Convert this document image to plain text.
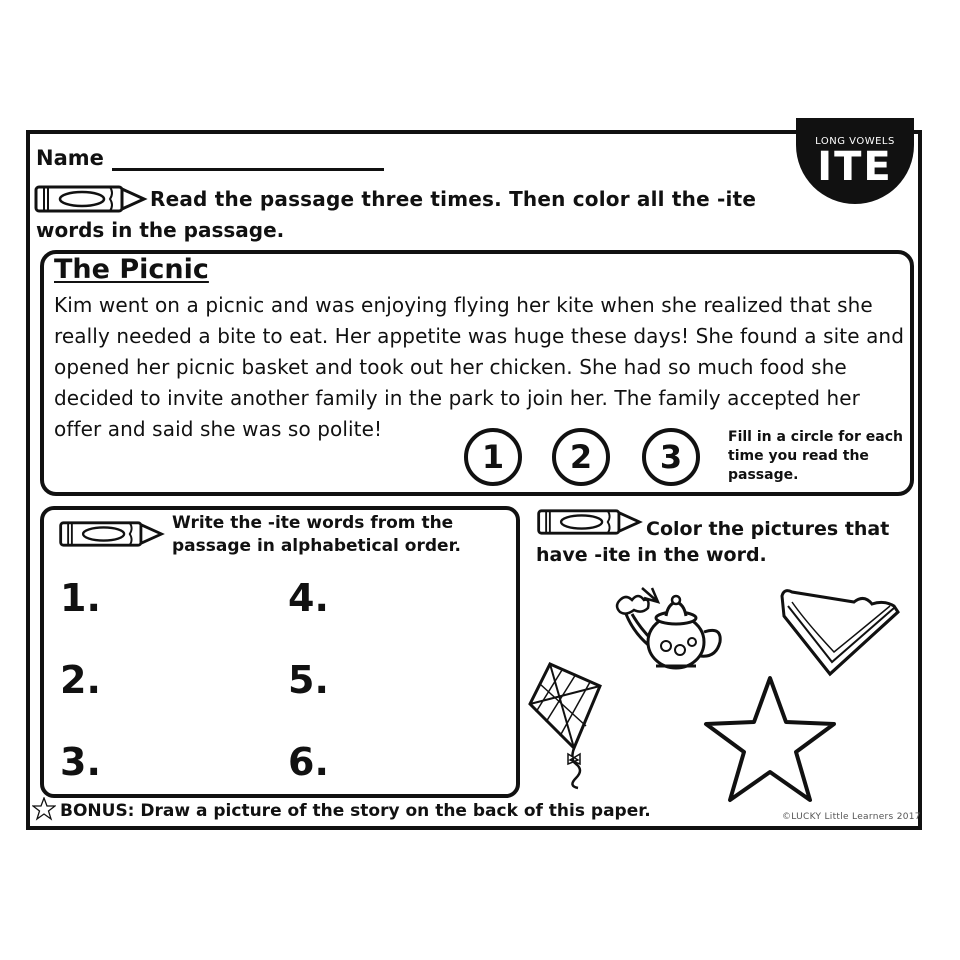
LONG VOWELS
ITE
Name
Read the passage three times. Then color all the -ite
words in the passage.
The Picnic
Kim went on a picnic and was enjoying flying her kite when she realized that she really needed a bite to eat. Her appetite was huge these days! She found a site and opened her picnic basket and took out her chicken. She had so much food she decided to invite another family in the park to join her. The family accepted her offer and said she was so polite!
1	2	3
Fill in a circle for each time you read the passage.
Write the -ite words from the passage in alphabetical order.
1.
2.
3.
4.
5.
6.
Color the pictures that have -ite in the word.
BONUS: Draw a picture of the story on the back of this paper.	©LUCKY Little Learners 2017
